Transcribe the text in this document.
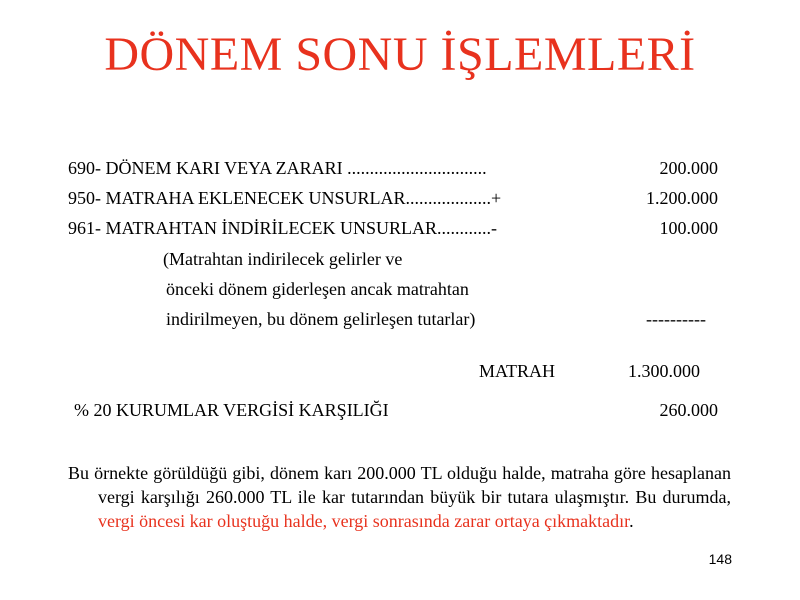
DÖNEM SONU İŞLEMLERİ
690- DÖNEM KARI VEYA ZARARI ...............................	200.000
950- MATRAHA EKLENECEK UNSURLAR...................+	1.200.000
961- MATRAHTAN İNDİRİLECEK UNSURLAR............-	100.000
(Matrahtan indirilecek gelirler ve
önceki dönem giderleşen ancak matrahtan
indirilmeyen, bu dönem gelirleşen tutarlar)	----------
MATRAH	1.300.000
% 20 KURUMLAR VERGİSİ KARŞILIĞI	260.000
Bu örnekte görüldüğü gibi, dönem karı 200.000 TL olduğu halde, matraha göre hesaplanan vergi karşılığı 260.000 TL ile kar tutarından büyük bir tutara ulaşmıştır. Bu durumda, vergi öncesi kar oluştuğu halde, vergi sonrasında zarar ortaya çıkmaktadır.
148
